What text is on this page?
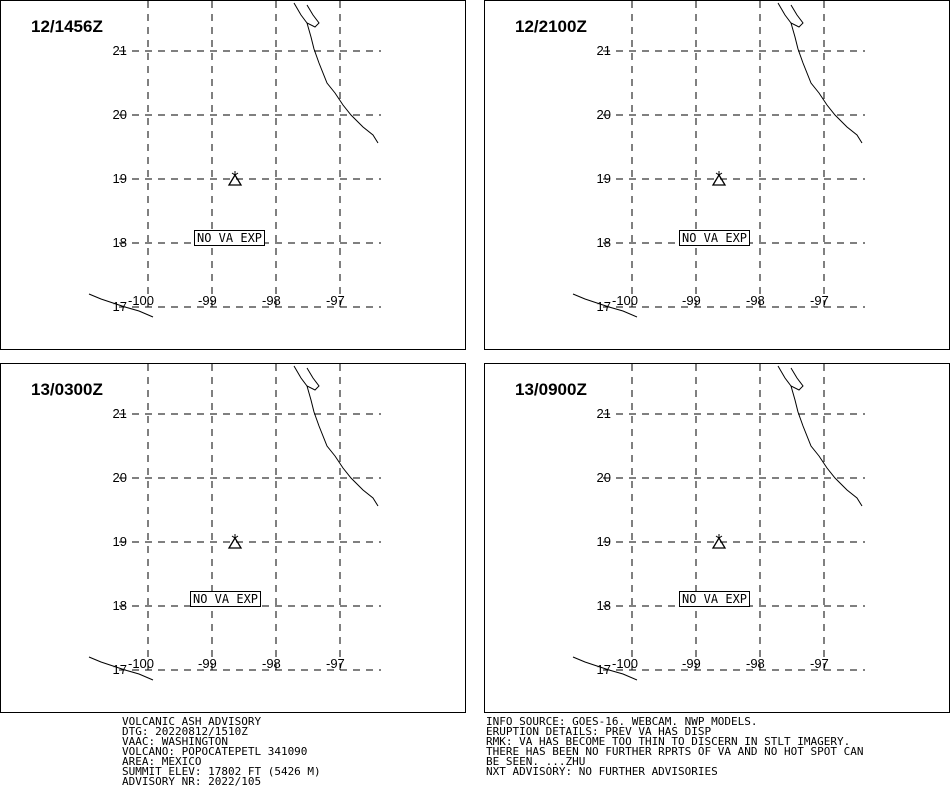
12/1456Z
21
20
19
18
17 -100	-99	-98	-97
NO VA EXP
12/2100Z
21
20
19
18
17 -100	-99	-98	-97
NO VA EXP
13/0300Z
21
20
19
18
17 -100	-99	-98	-97
NO VA EXP
13/0900Z
21
20
19
18
17 -100	-99	-98	-97
NO VA EXP
VOLCANIC ASH ADVISORY
DTG: 20220812/1510Z
VAAC: WASHINGTON
VOLCANO: POPOCATEPETL 341090
AREA: MEXICO
SUMMIT ELEV: 17802 FT (5426 M)
ADVISORY NR: 2022/105
INFO SOURCE: GOES-16. WEBCAM. NWP MODELS.
ERUPTION DETAILS: PREV VA HAS DISP
RMK: VA HAS BECOME TOO THIN TO DISCERN IN STLT IMAGERY.
THERE HAS BEEN NO FURTHER RPRTS OF VA AND NO HOT SPOT CAN
BE SEEN. ...ZHU
NXT ADVISORY: NO FURTHER ADVISORIES
